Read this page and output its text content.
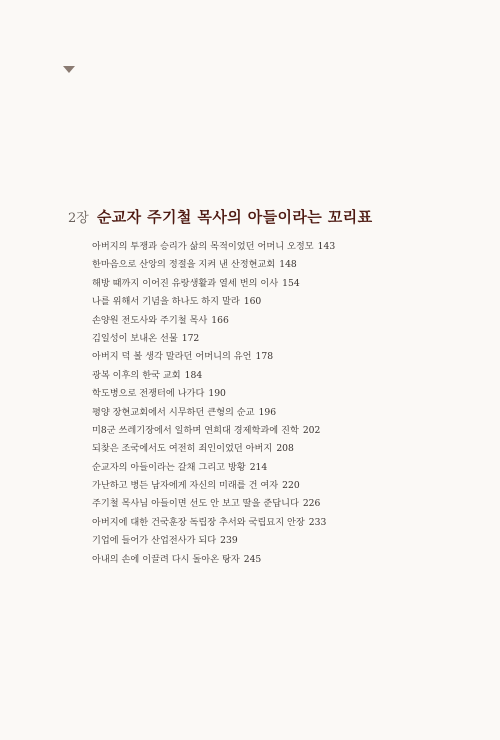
2장 순교자 주기철 목사의 아들이라는 꼬리표
아버지의 투쟁과 승리가 삶의 목적이었던 어머니 오정모 143
한마음으로 산앙의 정절을 지켜 낸 산정현교회 148
해방 때까지 이어진 유랑생활과 열세 번의 이사 154
나를 위해서 기념을 하나도 하지 말라 160
손양원 전도사와 주기철 목사 166
김일성이 보내온 선물 172
아버지 덕 볼 생각 말라던 어머니의 유언 178
광복 이후의 한국 교회 184
학도병으로 전쟁터에 나가다 190
평양 장현교회에서 시무하던 큰형의 순교 196
미8군 쓰레기장에서 일하며 연희대 경제학과에 진학 202
되찾은 조국에서도 여전히 죄인이었던 아버지 208
순교자의 아들이라는 갈채 그리고 방황 214
가난하고 병든 남자에게 자신의 미래를 건 여자 220
주기철 목사님 아들이면 선도 안 보고 딸을 준답니다 226
아버지에 대한 건국훈장 독립장 추서와 국립묘지 안장 233
기업에 들어가 산업전사가 되다 239
아내의 손에 이끌려 다시 돌아온 탕자 245
